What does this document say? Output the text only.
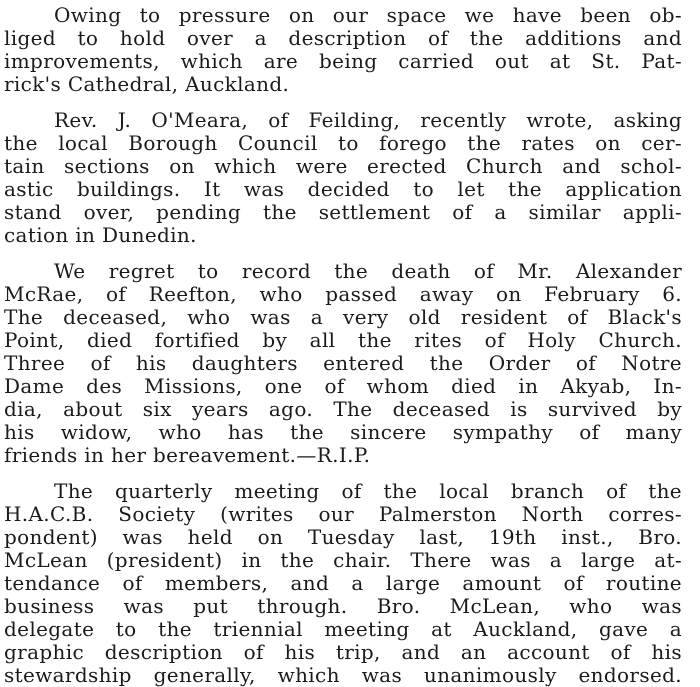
Owing to pressure on our space we have been ob-
liged to hold over a description of the additions and
improvements, which are being carried out at St. Pat-
rick's Cathedral, Auckland.
Rev. J. O'Meara, of Feilding, recently wrote, asking
the local Borough Council to forego the rates on cer-
tain sections on which were erected Church and schol-
astic buildings. It was decided to let the application
stand over, pending the settlement of a similar appli-
cation in Dunedin.
We regret to record the death of Mr. Alexander
McRae, of Reefton, who passed away on February 6.
The deceased, who was a very old resident of Black's
Point, died fortified by all the rites of Holy Church.
Three of his daughters entered the Order of Notre
Dame des Missions, one of whom died in Akyab, In-
dia, about six years ago. The deceased is survived by
his widow, who has the sincere sympathy of many
friends in her bereavement.—R.I.P.
The quarterly meeting of the local branch of the
H.A.C.B. Society (writes our Palmerston North corres-
pondent) was held on Tuesday last, 19th inst., Bro.
McLean (president) in the chair. There was a large at-
tendance of members, and a large amount of routine
business was put through. Bro. McLean, who was
delegate to the triennial meeting at Auckland, gave a
graphic description of his trip, and an account of his
stewardship generally, which was unanimously endorsed.
